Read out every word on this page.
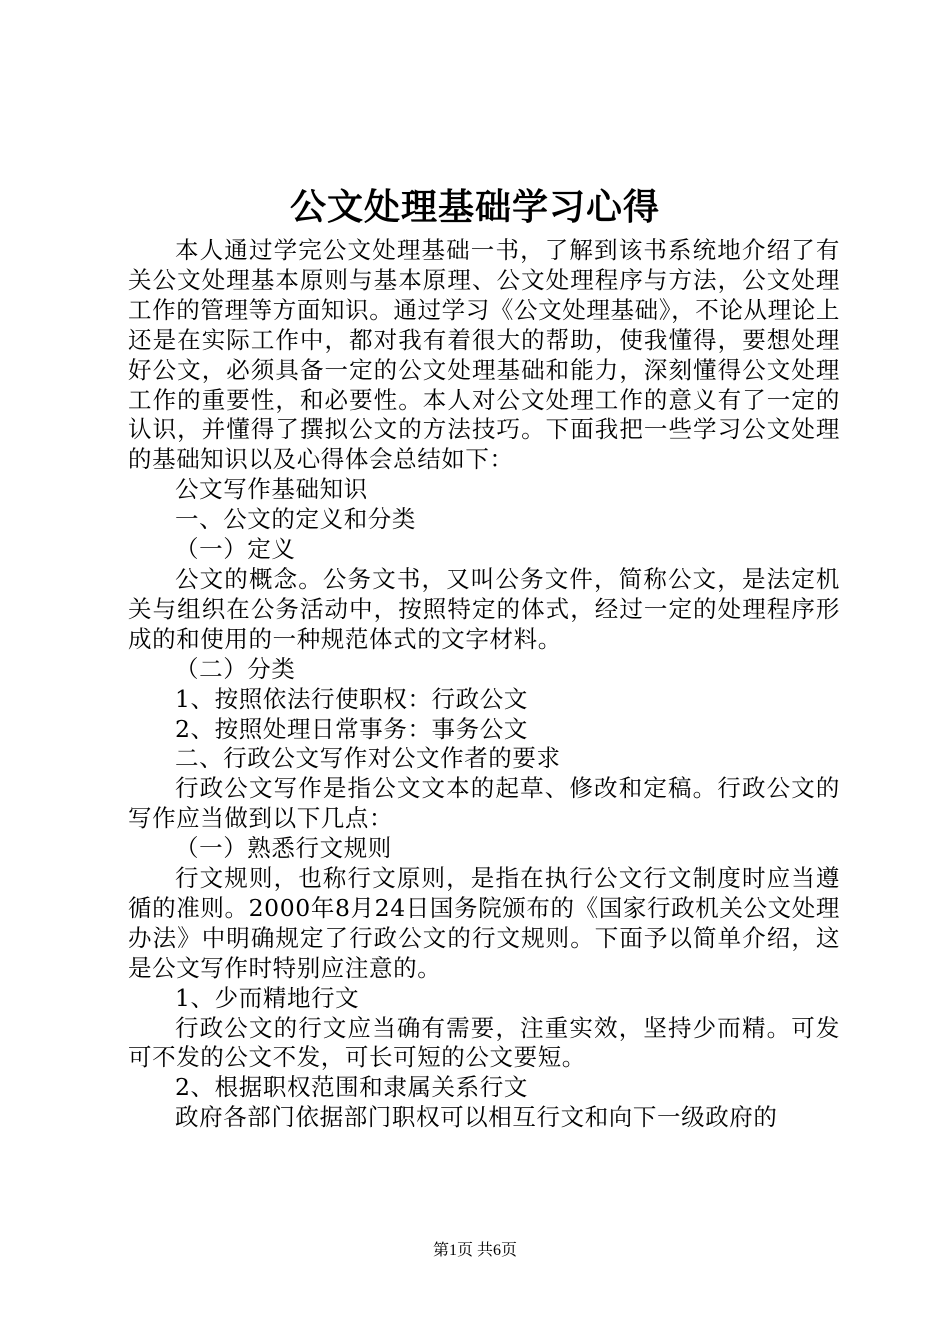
公文处理基础学习心得

本人通过学完公文处理基础一书，了解到该书系统地介绍了有关公文处理基本原则与基本原理、公文处理程序与方法，公文处理工作的管理等方面知识。通过学习《公文处理基础》，不论从理论上还是在实际工作中，都对我有着很大的帮助，使我懂得，要想处理好公文，必须具备一定的公文处理基础和能力，深刻懂得公文处理工作的重要性，和必要性。本人对公文处理工作的意义有了一定的认识，并懂得了撰拟公文的方法技巧。下面我把一些学习公文处理的基础知识以及心得体会总结如下：

公文写作基础知识

一、公文的定义和分类

（一）定义

公文的概念。公务文书，又叫公务文件，简称公文，是法定机关与组织在公务活动中，按照特定的体式，经过一定的处理程序形成的和使用的一种规范体式的文字材料。

（二）分类

1、按照依法行使职权：行政公文

2、按照处理日常事务：事务公文

二、行政公文写作对公文作者的要求

行政公文写作是指公文文本的起草、修改和定稿。行政公文的写作应当做到以下几点：

（一）熟悉行文规则

行文规则，也称行文原则，是指在执行公文行文制度时应当遵循的准则。2000年8月24日国务院颁布的《国家行政机关公文处理办法》中明确规定了行政公文的行文规则。下面予以简单介绍，这是公文写作时特别应注意的。

1、少而精地行文

行政公文的行文应当确有需要，注重实效，坚持少而精。可发可不发的公文不发，可长可短的公文要短。

2、根据职权范围和隶属关系行文

政府各部门依据部门职权可以相互行文和向下一级政府的

第1页 共6页
